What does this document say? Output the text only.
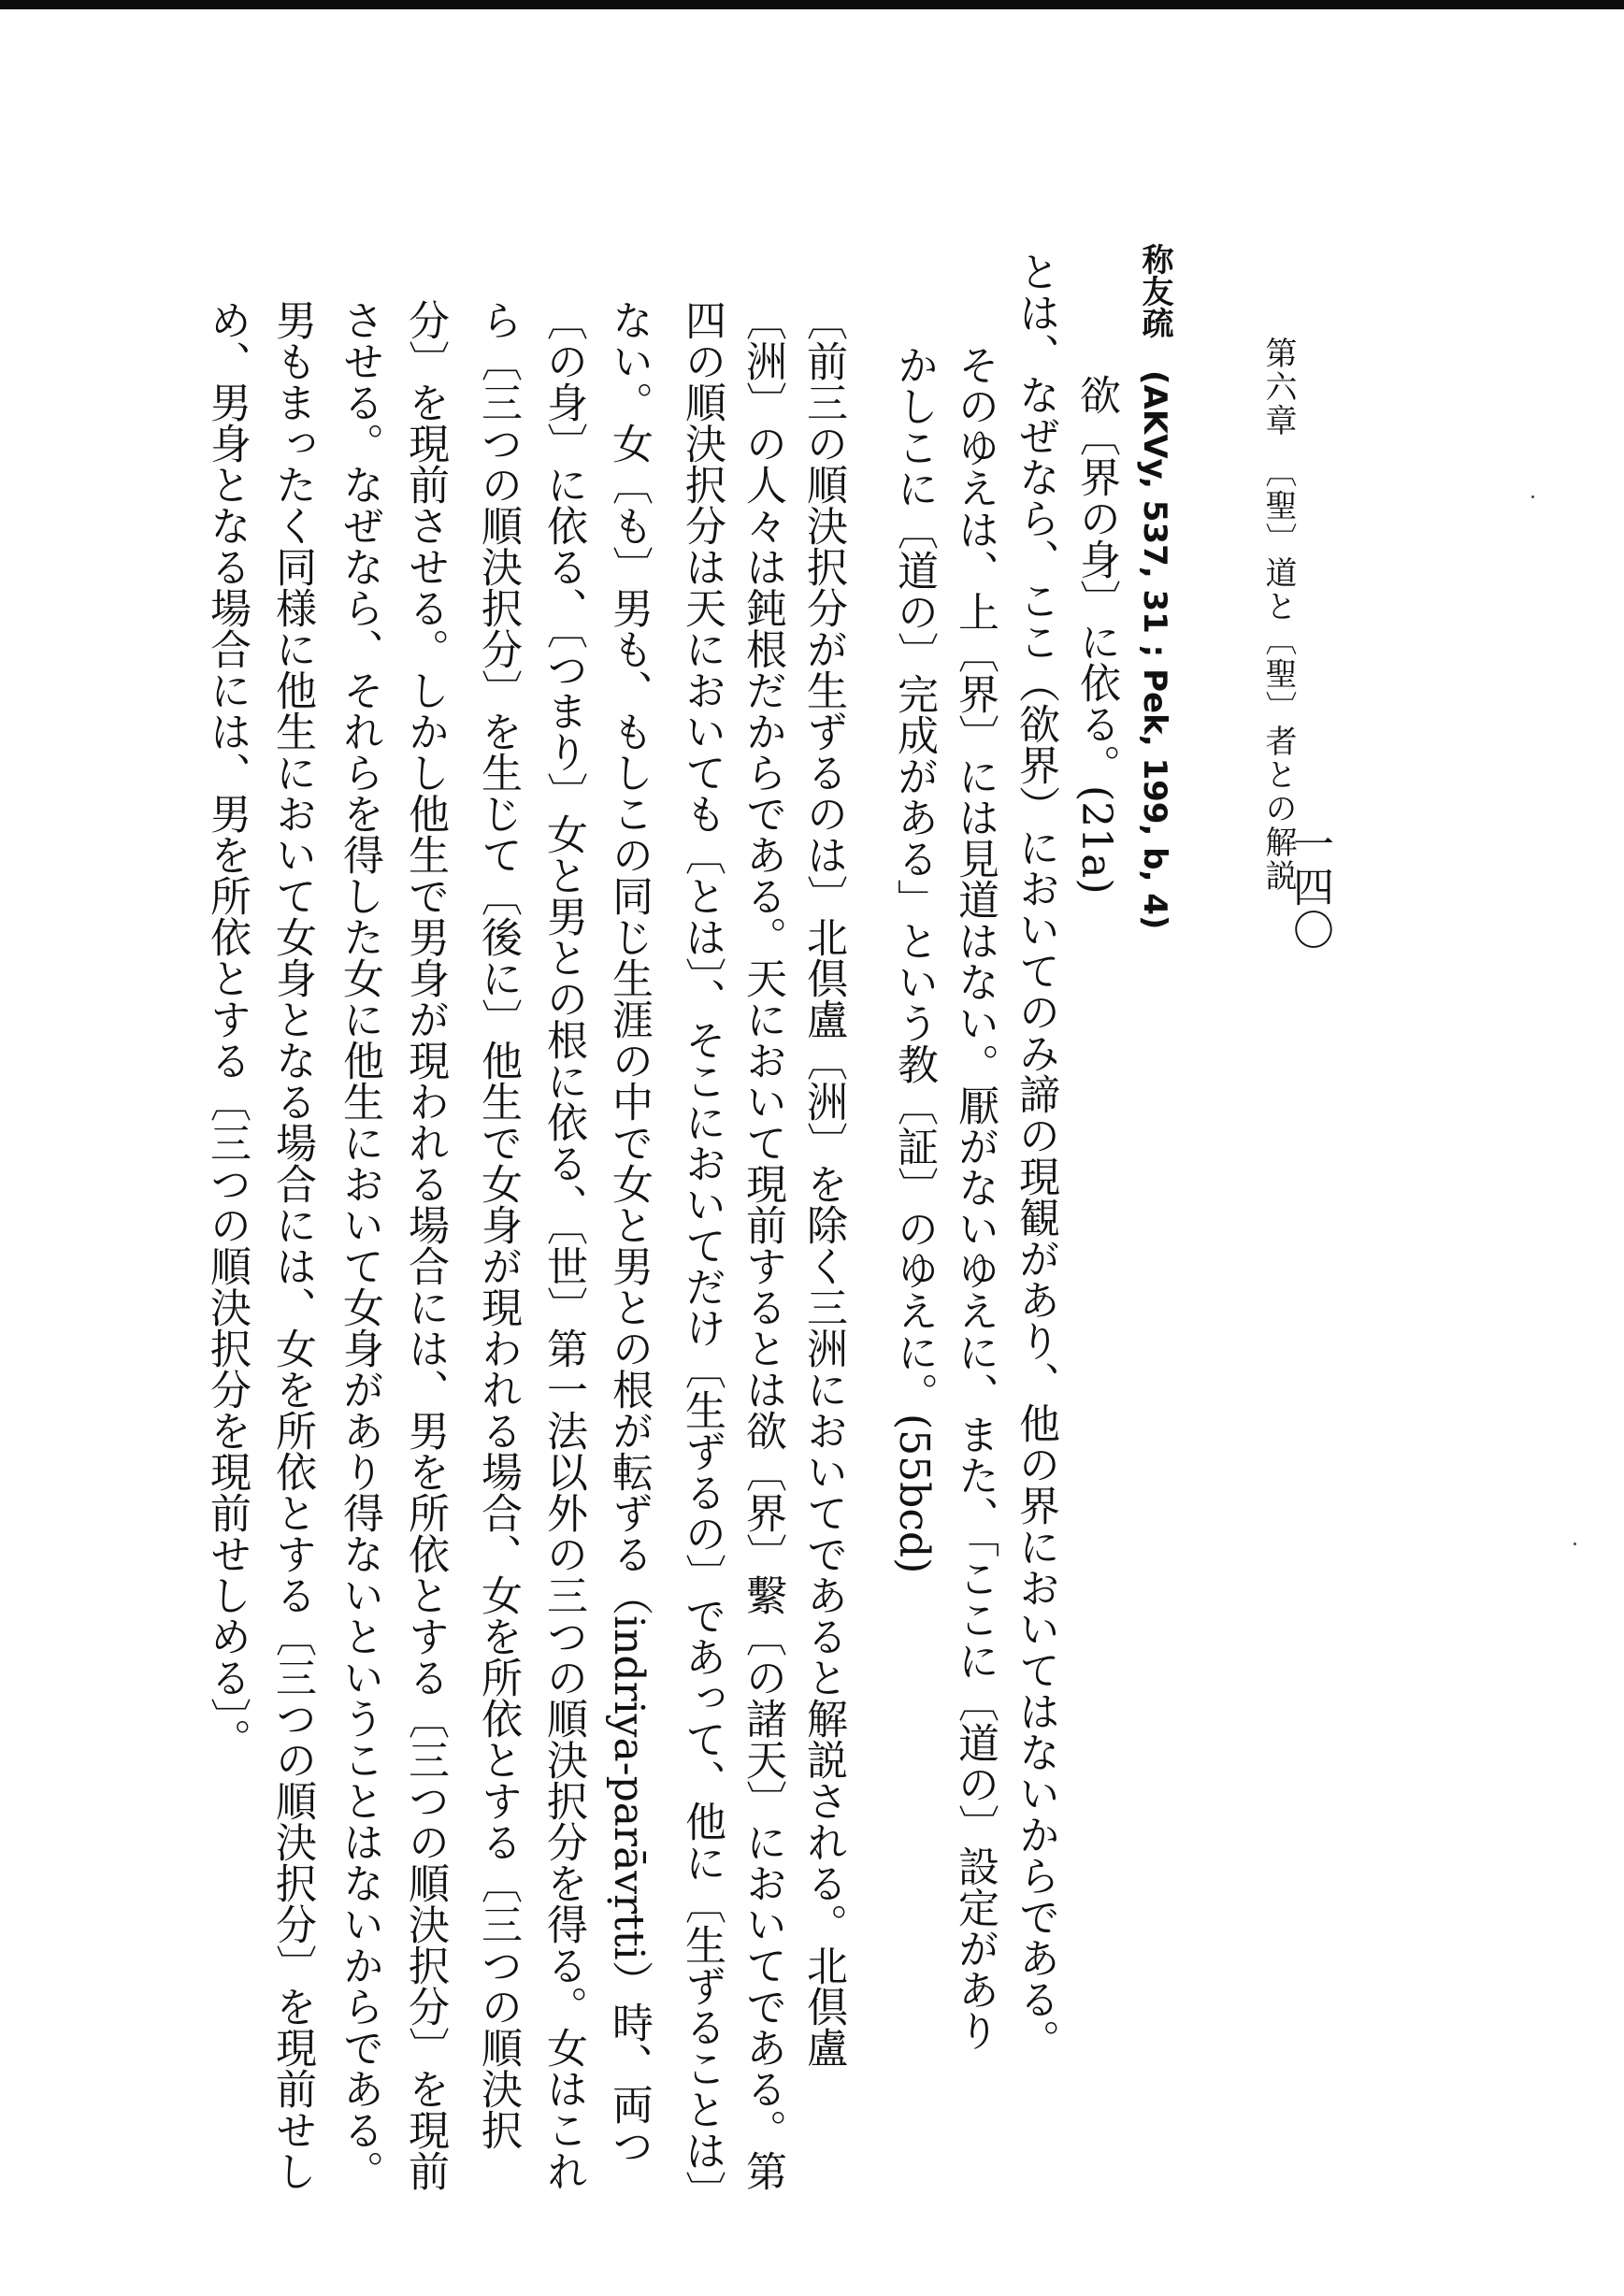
一四〇
第六章　〔聖〕道と〔聖〕者との解説
称友疏　(AKVy, 537, 31 ; Pek, 199, b, 4)
欲〔界の身〕に依る。(21a)
とは、なぜなら、ここ（欲界）においてのみ諦の現観があり、他の界においてはないからである。
そのゆえは、上〔界〕には見道はない。厭がないゆえに、また、「ここに〔道の〕設定があり
かしこに〔道の〕完成がある」という教〔証〕のゆえに。(55bcd)
〔前三の順決択分が生ずるのは〕北倶盧〔洲〕を除く三洲においてであると解説される。北倶盧
〔洲〕の人々は鈍根だからである。天において現前するとは欲〔界〕繫〔の諸天〕においてである。第
四の順決択分は天においても〔とは〕、そこにおいてだけ〔生ずるの〕であって、他に〔生ずることは〕
ない。女〔も〕男も、もしこの同じ生涯の中で女と男との根が転ずる（indriya-parāvṛtti）時、両つ
〔の身〕に依る、〔つまり〕女と男との根に依る、〔世〕第一法以外の三つの順決択分を得る。女はこれ
ら〔三つの順決択分〕を生じて〔後に〕他生で女身が現われる場合、女を所依とする〔三つの順決択
分〕を現前させる。しかし他生で男身が現われる場合には、男を所依とする〔三つの順決択分〕を現前
させる。なぜなら、それらを得した女に他生において女身があり得ないということはないからである。
男もまったく同様に他生において女身となる場合には、女を所依とする〔三つの順決択分〕を現前せし
め、男身となる場合には、男を所依とする〔三つの順決択分を現前せしめる〕。
